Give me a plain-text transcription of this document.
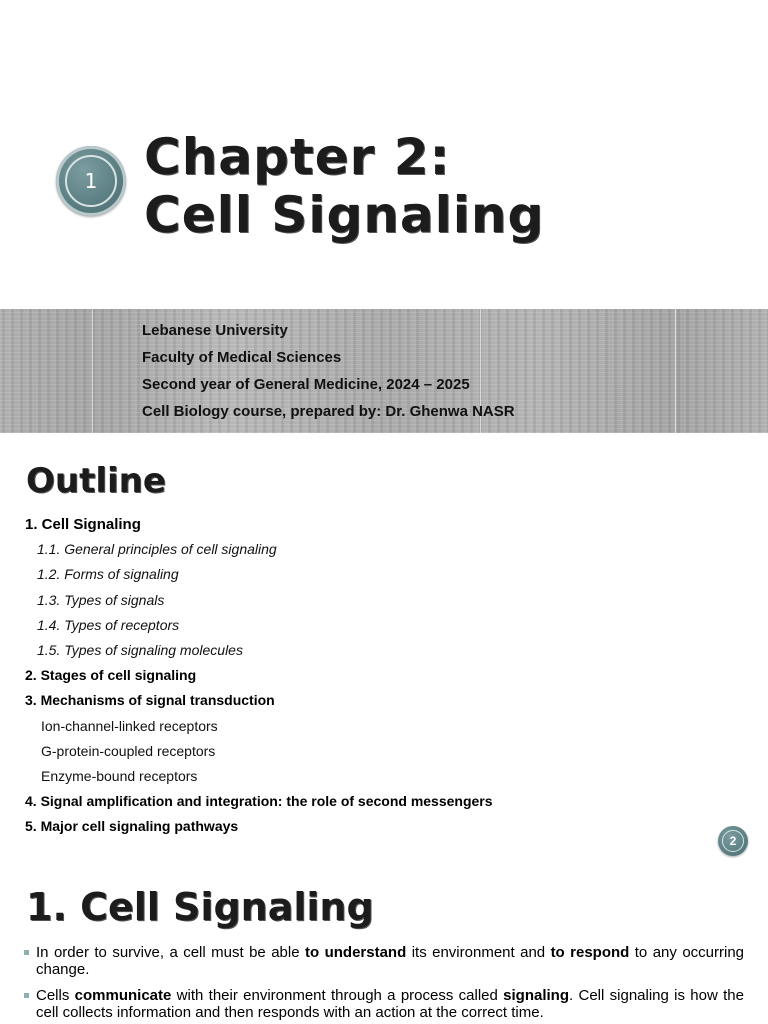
1 Chapter 2:
Cell Signaling
Lebanese University
Faculty of Medical Sciences
Second year of General Medicine, 2024 – 2025
Cell Biology course, prepared by: Dr. Ghenwa NASR
Outline
1. Cell Signaling
1.1. General principles of cell signaling
1.2. Forms of signaling
1.3. Types of signals
1.4. Types of receptors
1.5. Types of signaling molecules
2. Stages of cell signaling
3. Mechanisms of signal transduction
Ion-channel-linked receptors
G-protein-coupled receptors
Enzyme-bound receptors
4. Signal amplification and integration: the role of second messengers
5. Major cell signaling pathways
2
1. Cell Signaling
In order to survive, a cell must be able to understand its environment and to respond to any occurring change.
Cells communicate with their environment through a process called signaling. Cell signaling is how the cell collects information and then responds with an action at the correct time.
